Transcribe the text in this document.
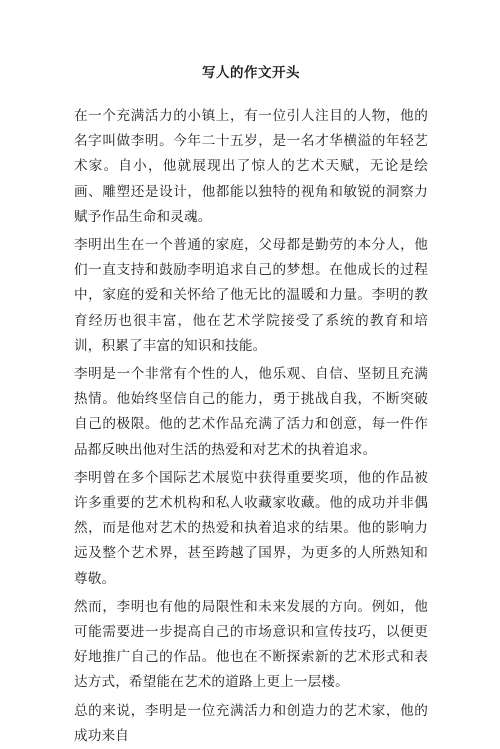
写人的作文开头

在一个充满活力的小镇上，有一位引人注目的人物，他的名字叫做李明。今年二十五岁，是一名才华横溢的年轻艺术家。自小，他就展现出了惊人的艺术天赋，无论是绘画、雕塑还是设计，他都能以独特的视角和敏锐的洞察力赋予作品生命和灵魂。

李明出生在一个普通的家庭，父母都是勤劳的本分人，他们一直支持和鼓励李明追求自己的梦想。在他成长的过程中，家庭的爱和关怀给了他无比的温暖和力量。李明的教育经历也很丰富，他在艺术学院接受了系统的教育和培训，积累了丰富的知识和技能。

李明是一个非常有个性的人，他乐观、自信、坚韧且充满热情。他始终坚信自己的能力，勇于挑战自我，不断突破自己的极限。他的艺术作品充满了活力和创意，每一件作品都反映出他对生活的热爱和对艺术的执着追求。

李明曾在多个国际艺术展览中获得重要奖项，他的作品被许多重要的艺术机构和私人收藏家收藏。他的成功并非偶然，而是他对艺术的热爱和执着追求的结果。他的影响力远及整个艺术界，甚至跨越了国界，为更多的人所熟知和尊敬。

然而，李明也有他的局限性和未来发展的方向。例如，他可能需要进一步提高自己的市场意识和宣传技巧，以便更好地推广自己的作品。他也在不断探索新的艺术形式和表达方式，希望能在艺术的道路上更上一层楼。

总的来说，李明是一位充满活力和创造力的艺术家，他的成功来自
